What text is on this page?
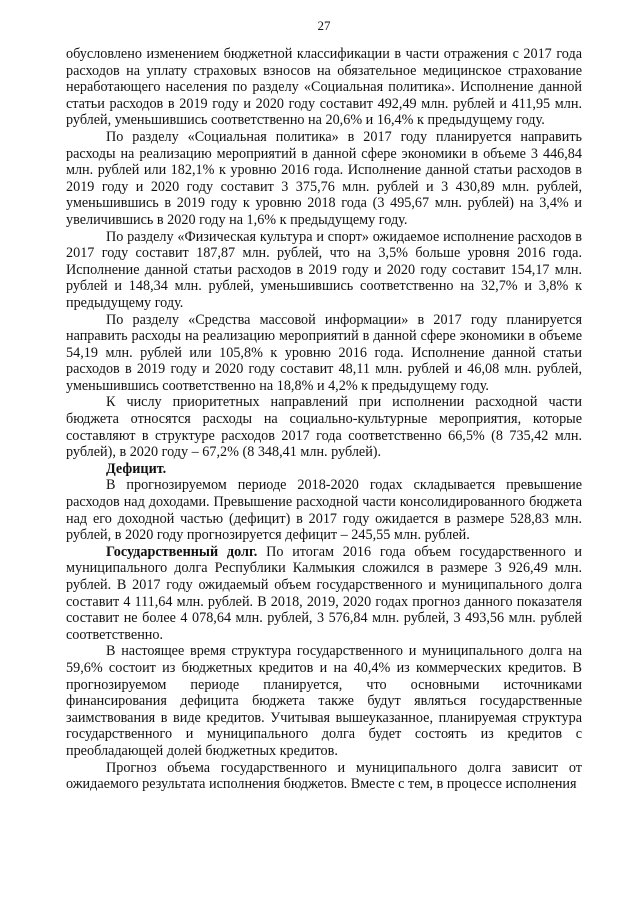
27

обусловлено изменением бюджетной классификации в части отражения с 2017 года расходов на уплату страховых взносов на обязательное медицинское страхование неработающего населения по разделу «Социальная политика». Исполнение данной статьи расходов в 2019 году и 2020 году составит 492,49 млн. рублей и 411,95 млн. рублей, уменьшившись соответственно на 20,6% и 16,4% к предыдущему году.

По разделу «Социальная политика» в 2017 году планируется направить расходы на реализацию мероприятий в данной сфере экономики в объеме 3 446,84 млн. рублей или 182,1% к уровню 2016 года. Исполнение данной статьи расходов в 2019 году и 2020 году составит 3 375,76 млн. рублей и 3 430,89 млн. рублей, уменьшившись в 2019 году к уровню 2018 года (3 495,67 млн. рублей) на 3,4% и увеличившись в 2020 году на 1,6% к предыдущему году.

По разделу «Физическая культура и спорт» ожидаемое исполнение расходов в 2017 году составит 187,87 млн. рублей, что на 3,5% больше уровня 2016 года. Исполнение данной статьи расходов в 2019 году и 2020 году составит 154,17 млн. рублей и 148,34 млн. рублей, уменьшившись соответственно на 32,7% и 3,8% к предыдущему году.

По разделу «Средства массовой информации» в 2017 году планируется направить расходы на реализацию мероприятий в данной сфере экономики в объеме 54,19 млн. рублей или 105,8% к уровню 2016 года. Исполнение данной статьи расходов в 2019 году и 2020 году составит 48,11 млн. рублей и 46,08 млн. рублей, уменьшившись соответственно на 18,8% и 4,2% к предыдущему году.

К числу приоритетных направлений при исполнении расходной части бюджета относятся расходы на социально-культурные мероприятия, которые составляют в структуре расходов 2017 года соответственно 66,5% (8 735,42 млн. рублей), в 2020 году – 67,2% (8 348,41 млн. рублей).

Дефицит.

В прогнозируемом периоде 2018-2020 годах складывается превышение расходов над доходами. Превышение расходной части консолидированного бюджета над его доходной частью (дефицит) в 2017 году ожидается в размере 528,83 млн. рублей, в 2020 году прогнозируется дефицит – 245,55 млн. рублей.

Государственный долг. По итогам 2016 года объем государственного и муниципального долга Республики Калмыкия сложился в размере 3 926,49 млн. рублей. В 2017 году ожидаемый объем государственного и муниципального долга составит 4 111,64 млн. рублей. В 2018, 2019, 2020 годах прогноз данного показателя составит не более 4 078,64 млн. рублей, 3 576,84 млн. рублей, 3 493,56 млн. рублей соответственно.

В настоящее время структура государственного и муниципального долга на 59,6% состоит из бюджетных кредитов и на 40,4% из коммерческих кредитов. В прогнозируемом периоде планируется, что основными источниками финансирования дефицита бюджета также будут являться государственные заимствования в виде кредитов. Учитывая вышеуказанное, планируемая структура государственного и муниципального долга будет состоять из кредитов с преобладающей долей бюджетных кредитов.

Прогноз объема государственного и муниципального долга зависит от ожидаемого результата исполнения бюджетов. Вместе с тем, в процессе исполнения
